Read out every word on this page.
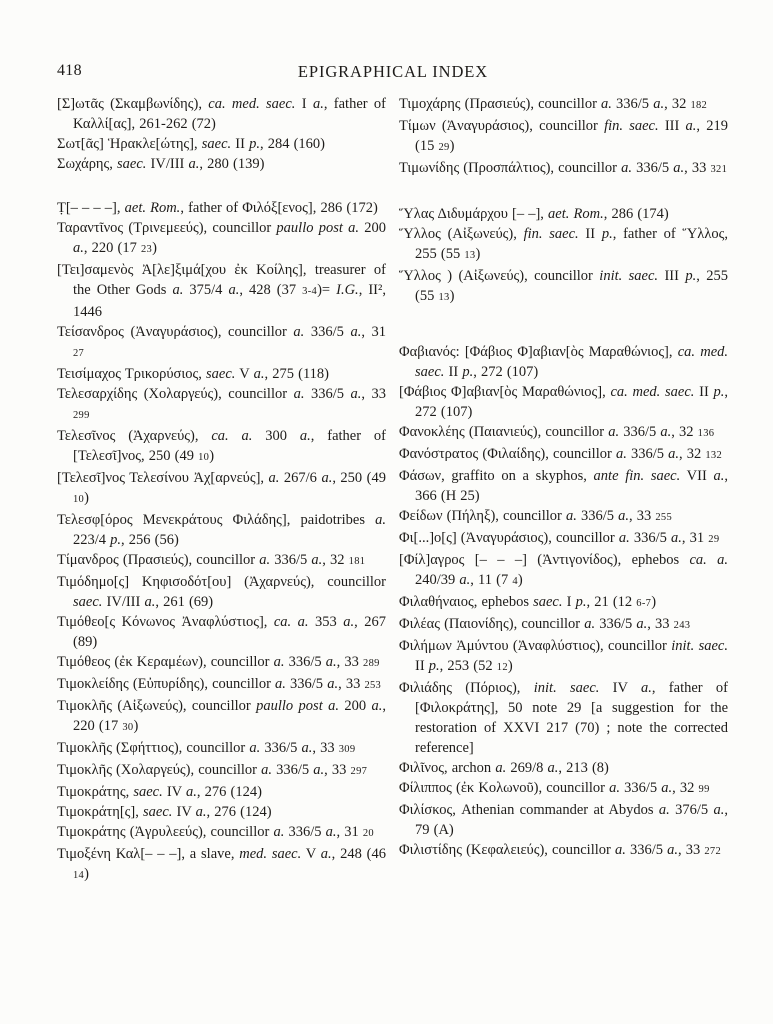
418	EPIGRAPHICAL INDEX

[Σ]ωτᾶς (Σκαμβωνίδης), ca. med. saec. I a., father of Καλλί[ας], 261-262 (72)

Σωτ[ᾶς] Ἡρακλε[ώτης], saec. II p., 284 (160)

Σωχάρης, saec. IV/III a., 280 (139)

Ṭ[– – – –], aet. Rom., father of Φιλόξ[ενος], 286 (172)

Ταραντῖνος (Τρινεμεεύς), councillor paullo post a. 200 a., 220 (17 23)

[Τει]σαμενὸς Ἀ[λε]ξιμά[χου ἐκ Κοίλης], treasurer of the Other Gods a. 375/4 a., 428 (37 3-4)= I.G., II², 1446

Τείσανδρος (Ἀναγυράσιος), councillor a. 336/5 a., 31 27

Τεισίμαχος Τρικορύσιος, saec. V a., 275 (118)

Τελεσαρχίδης (Χολαργεύς), councillor a. 336/5 a., 33 299

Τελεσῖνος (Ἀχαρνεύς), ca. a. 300 a., father of [Τελεσῖ]νος, 250 (49 10)

[Τελεσῖ]νος Τελεσίνου Ἀχ[αρνεύς], a. 267/6 a., 250 (49 10)

Τελεσφ[όρος Μενεκράτους Φιλάδης], paidotribes a. 223/4 p., 256 (56)

Τίμανδρος (Πρασιεύς), councillor a. 336/5 a., 32 181

Τιμόδημο[ς] Κηφισοδότ[ου] (Ἀχαρνεύς), councillor saec. IV/III a., 261 (69)

Τιμόθεο[ς Κόνωνος Ἀναφλύστιος], ca. a. 353 a., 267 (89)

Τιμόθεος (ἐκ Κεραμέων), councillor a. 336/5 a., 33 289

Τιμοκλείδης (Εὐπυρίδης), councillor a. 336/5 a., 33 253

Τιμοκλῆς (Αἰξωνεύς), councillor paullo post a. 200 a., 220 (17 30)

Τιμοκλῆς (Σφήττιος), councillor a. 336/5 a., 33 309

Τιμοκλῆς (Χολαργεύς), councillor a. 336/5 a., 33 297

Τιμοκράτης, saec. IV a., 276 (124)

Τιμοκράτη[ς], saec. IV a., 276 (124)

Τιμοκράτης (Ἀγρυλεεύς), councillor a. 336/5 a., 31 20

Τιμοξένη Καλ[– – –], a slave, med. saec. V a., 248 (46 14)

Τιμοχάρης (Πρασιεύς), councillor a. 336/5 a., 32 182

Τίμων (Ἀναγυράσιος), councillor fin. saec. III a., 219 (15 29)

Τιμωνίδης (Προσπάλτιος), councillor a. 336/5 a., 33 321

Ὕλας Διδυμάρχου [– –], aet. Rom., 286 (174)

Ὕλλος (Αἰξωνεύς), fin. saec. II p., father of Ὕλλος, 255 (55 13)

Ὕλλος ) (Αἰξωνεύς), councillor init. saec. III p., 255 (55 13)

Φαβιανός: [Φάβιος Φ]αβιαν[ὸς Μαραθώνιος], ca. med. saec. II p., 272 (107)

[Φάβιος Φ]αβιαν[ὸς Μαραθώνιος], ca. med. saec. II p., 272 (107)

Φανοκλέης (Παιανιεύς), councillor a. 336/5 a., 32 136

Φανόστρατος (Φιλαίδης), councillor a. 336/5 a., 32 132

Φάσων, graffito on a skyphos, ante fin. saec. VII a., 366 (H 25)

Φείδων (Πήληξ), councillor a. 336/5 a., 33 255

Φι[...]ο[ς] (Ἀναγυράσιος), councillor a. 336/5 a., 31 29

[Φίλ]αγρος [– – –] (Ἀντιγονίδος), ephebos ca. a. 240/39 a., 11 (7 4)

Φιλαθήναιος, ephebos saec. I p., 21 (12 6-7)

Φιλέας (Παιονίδης), councillor a. 336/5 a., 33 243

Φιλήμων Ἀμύντου (Ἀναφλύστιος), councillor init. saec. II p., 253 (52 12)

Φιλιάδης (Πόριος), init. saec. IV a., father of [Φιλοκράτης], 50 note 29 [a suggestion for the restoration of XXVI 217 (70) ; note the corrected reference]

Φιλῖνος, archon a. 269/8 a., 213 (8)

Φίλιππος (ἐκ Κολωνοῦ), councillor a. 336/5 a., 32 99

Φιλίσκος, Athenian commander at Abydos a. 376/5 a., 79 (A)

Φιλιστίδης (Κεφαλειεύς), councillor a. 336/5 a., 33 272
